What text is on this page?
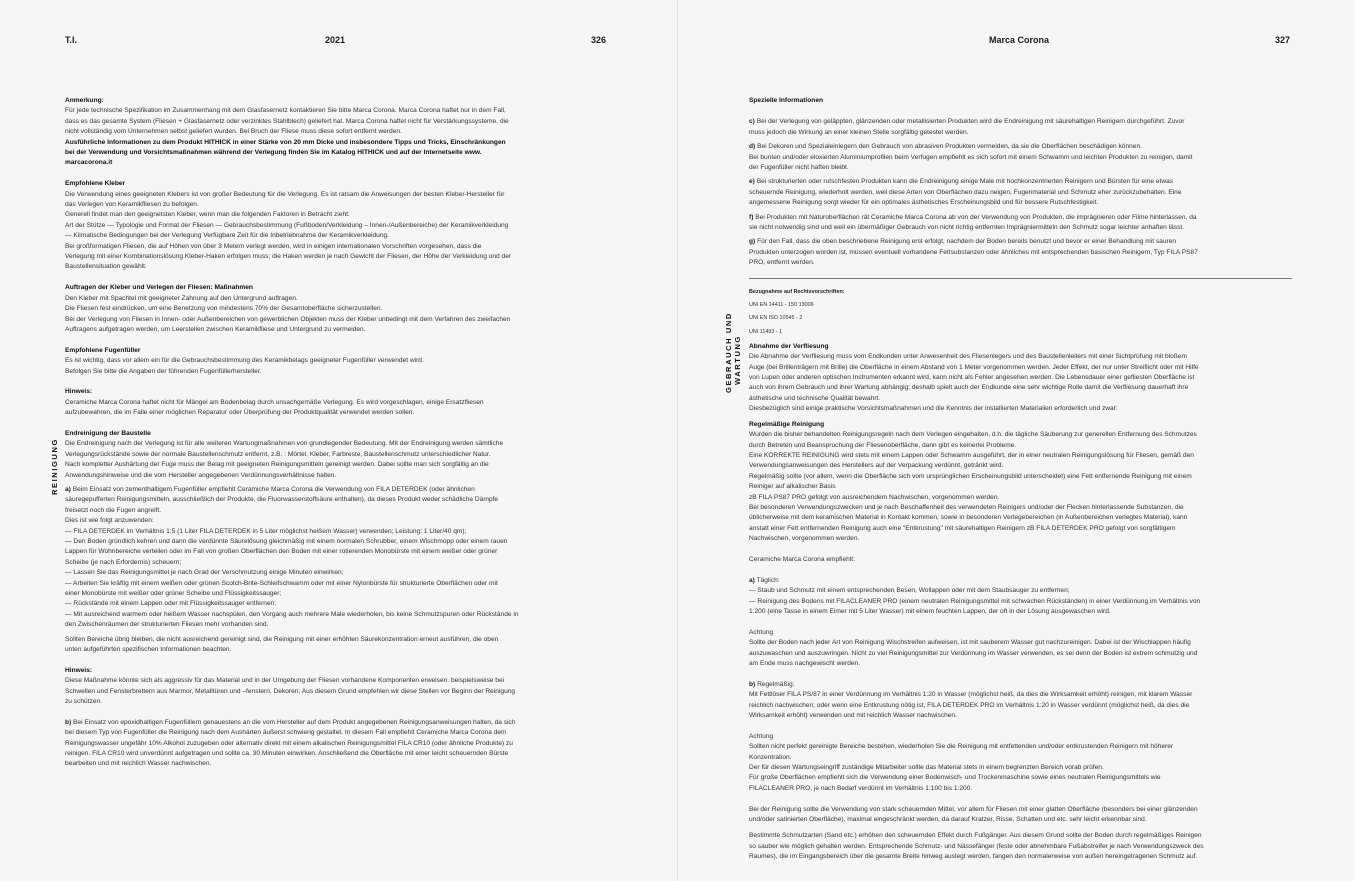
T.I.	2021	326
REINIGUNG

Anmerkung:

Für jede technische Spezifikation im Zusammenhang mit dem Glasfasernetz kontaktieren Sie bitte Marca Corona. Marca Corona haftet nur in dem Fall,

dass es das gesamte System (Fliesen + Glasfasernetz oder verzinktes Stahlblech) geliefert hat. Marca Corona haftet nicht für Verstärkungssysteme, die

nicht vollständig vom Unternehmen selbst geliefert wurden. Bei Bruch der Fliese muss diese sofort entfernt werden.

Ausführliche Informationen zu dem Produkt HITHICK in einer Stärke von 20 mm Dicke und insbesondere Tipps und Tricks, Einschränkungen

bei der Verwendung und Vorsichtsmaßnahmen während der Verlegung finden Sie im Katalog HITHICK und auf der Internetseite www.

marcacorona.it

Empfohlene Kleber

Die Verwendung eines geeigneten Klebers ist von großer Bedeutung für die Verlegung. Es ist ratsam die Anweisungen der besten Kleber-Hersteller für

das Verlegen von Keramikfliesen zu befolgen.

Generell findet man den geeignetsten Kleber, wenn man die folgenden Faktoren in Betracht zieht:

Art der Stütze — Typologie und Format der Fliesen — Gebrauchsbestimmung (Fußboden/Verkleidung – Innen-/Außenbereiche) der Keramikverkleidung

— Klimatische Bedingungen bei der Verlegung Verfügbare Zeit für die Inbetriebnahme der Keramikverkleidung.

Bei großformatigen Fliesen, die auf Höhen von über 3 Metern verlegt werden, wird in einigen internationalen Vorschriften vorgesehen, dass die

Verlegung mit einer Kombinationslösung Kleber-Haken erfolgen muss; die Haken werden je nach Gewicht der Fliesen, der Höhe der Verkleidung und der

Baustellensituation gewählt.

Auftragen der Kleber und Verlegen der Fliesen: Maßnahmen

Den Kleber mit Spachtel mit geeigneter Zahnung auf den Untergrund auftragen.

Die Fliesen fest eindrücken, um eine Benetzung von mindestens 70% der Gesamtoberfläche sicherzustellen.

Bei der Verlegung von Fliesen in Innen- oder Außenbereichen von gewerblichen Objekten muss der Kleber unbedingt mit dem Verfahren des zweifachen

Auftragens aufgetragen werden, um Leerstellen zwischen Keramikfliese und Untergrund zu vermeiden.

Empfohlene Fugenfüller

Es ist wichtig, dass vor allem ein für die Gebrauchsbestimmung des Keramikbelags geeigneter Fugenfüller verwendet wird.

Befolgen Sie bitte die Angaben der führenden Fugenfüllerhersteller.

Hinweis:

Ceramiche Marca Corona haftet nicht für Mängel am Bodenbelag durch unsachgemäße Verlegung. Es wird vorgeschlagen, einige Ersatzfliesen

aufzubewahren, die im Falle einer möglichen Reparatur oder Überprüfung der Produktqualität verwendet werden sollen.

Endreinigung der Baustelle

Die Endreinigung nach der Verlegung ist für alle weiteren Wartungmaßnahmen von grundlegender Bedeutung. Mit der Endreinigung werden sämtliche

Verlegungsrückstände sowie der normale Baustellenschmutz entfernt, z.B. : Mörtel, Kleber, Farbreste, Baustellenschmutz unterschiedlicher Natur.

Nach kompletter Aushärtung der Fuge muss der Belag mit geeigneten Reinigungsmitteln gereinigt werden. Dabei sollte man sich sorgfältig an die

Anwendungshinweise und die vom Hersteller angegebenen Verdünnungsverhältnisse halten.

a) Beim Einsatz von zementhaltigem Fugenfüller empfiehlt Ceramiche Marca Corona die Verwendung von FILA DETERDEK (oder ähnlichen

säuregepufferten Reinigungsmitteln, ausschließlich der Produkte, die Fluorwasserstoffsäure enthalten), da dieses Produkt weder schädliche Dämpfe

freisetzt noch die Fugen angreift.

Dies ist wie folgt anzuwenden:

— FILA DETERDEK im Verhältnis 1:5 (1 Liter FILA DETERDEK in 5 Liter möglichst heißem Wasser) verwenden; Leistung: 1 Liter/40 qm);

— Den Boden gründlich kehren und dann die verdünnte Säurelösung gleichmäßig mit einem normalen Schrubber, einem Wischmopp oder einem rauen

Lappen für Wohnbereiche verteilen oder im Fall von großen Oberflächen den Boden mit einer rotierenden Monobürste mit einem weißer oder grüner

Scheibe (je nach Erfordernis) scheuern;

— Lassen Sie das Reinigungsmittel je nach Grad der Verschmutzung einige Minuten einwirken;

— Arbeiten Sie kräftig mit einem weißen oder grünen Scotch-Brite-Schleifschwamm oder mit einer Nylonbürste für strukturierte Oberflächen oder mit

einer Monobürste mit weißer oder grüner Scheibe und Flüssigkeitssauger;

— Rückstände mit einem Lappen oder mit Flüssigkeitssauger entfernen;

— Mit ausreichend warmem oder heißem Wasser nachspülen, den Vorgang auch mehrere Male wiederholen, bis keine Schmutzspuren oder Rückstände in

den Zwischenräumen der strukturierten Fliesen mehr vorhanden sind.

Sollten Bereiche übrig bleiben, die nicht ausreichend gereinigt sind, die Reinigung mit einer erhöhten Säurekonzentration erneut ausführen, die oben

unten aufgeführten spezifischen Informationen beachten.

Hinweis:

Diese Maßnahme könnte sich als aggressiv für das Material und in der Umgebung der Fliesen vorhandene Komponenten erweisen. beispielsweise bei

Schwellen und Fensterbrettern aus Marmor, Metalltüren und –fenstern, Dekoren; Aus diesem Grund empfehlen wir diese Stellen vor Beginn der Reinigung

zu schützen.

b) Bei Einsatz von epoxidhaltigen Fugenfüllern genauestens an die vom Hersteller auf dem Produkt angegebenen Reinigungsanweisungen halten, da sich

bei diesem Typ von Fugenfüller die Reinigung nach dem Aushärten äußerst schwierig gestaltet. In diesem Fall empfiehlt Ceramiche Marca Corona dem

Reinigungswasser ungefähr 10% Alkohol zuzugeben oder alternativ direkt mit einem alkalischen Reinigungsmittel FILA CR10 (oder ähnliche Produkte) zu

reinigen. FILA CR10 wird unverdünnt aufgetragen und sollte ca. 30 Minuten einwirken. Anschließend die Oberfläche mit einer leicht scheuernden Bürste

bearbeiten und mit reichlich Wasser nachwischen.

Marca Corona	327

Spezielle Informationen

c) Bei der Verlegung von geläppten, glänzenden oder metallisierten Produkten wird die Endreinigung mit säurehaltigen Reinigern durchgeführt. Zuvor

muss jedoch die Wirkung an einer kleinen Stelle sorgfältig getestet werden.

d) Bei Dekoren und Spezialeinlegern den Gebrauch von abrasiven Produkten vermeiden, da sie die Oberflächen beschädigen können.

Bei bunten und/oder eloxierten Aluminiumprofilen beim Verfugen empfiehlt es sich sofort mit einem Schwamm und leichten Produkten zu reinigen, damit

der Fugenfüller nicht haften bleibt.

e) Bei strukturierten oder rutschfesten Produkten kann die Endreinigung einige Male mit hochkonzentrierten Reinigern und Bürsten für eine etwas

scheuernde Reinigung, wiederholt werden, weil diese Arten von Oberflächen dazu neigen, Fugenmaterial und Schmutz eher zurückzubehalten. Eine

angemessene Reinigung sorgt wieder für ein optimales ästhetisches Erscheinungsbild und für bessere Rutschfestigkeit.

f) Bei Produkten mit Naturoberflächen rät Ceramiche Marca Corona ab von der Verwendung von Produkten, die imprägnieren oder Filme hinterlassen, da

sie nicht notwendig sind und weil ein übermäßiger Gebrauch von nicht richtig entfernten Imprägniermitteln den Schmutz sogar leichter anhaften lässt.

g) Für den Fall, dass die oben beschriebene Reinigung erst erfolgt, nachdem der Boden bereits benutzt und bevor er einer Behandlung mit sauren

Produkten unterzogen worden ist, müssen eventuell vorhandene Fettsubstanzen oder ähnliches mit entsprechenden basischen Reinigern, Typ FILA PS87

PRO, entfernt werden.

Bezugnahme auf Rechtsvorschriften:

UNI EN 14411 - 150 13006

UNI EN ISO 10545 - 2

UNI 11493 - 1

Abnahme der Verfliesung

Die Abnahme der Verfliesung muss vom Endkunden unter Anwesenheit des Fliesenlegers und des Baustellenleiters mit einer Sichtprüfung mit bloßem

Auge (bei Brillenträgern mit Brille) die Oberfläche in einem Abstand von 1 Meter vorgenommen werden. Jeder Effekt, der nur unter Streiflicht oder mit Hilfe

von Lupen oder anderen optischen Instrumenten erkannt wird, kann nicht als Fehler angesehen werden. Die Lebensdauer einer gefliesten Oberfläche ist

auch von ihrem Gebrauch und ihrer Wartung abhängig; deshalb spielt auch der Endkunde eine sehr wichtige Rolle damit die Verfliesung dauerhaft ihre

ästhetische und technische Qualität bewahrt.

Diesbezüglich sind einige praktische Vorsichtsmaßnahmen und die Kenntnis der installierten Materialien erforderlich und zwar:

Regelmäßige Reinigung

Wurden die bisher behandelten Reinigungsregeln nach dem Verlegen eingehalten, d.h. die tägliche Säuberung zur generellen Entfernung des Schmutzes

durch Betreten und Beanspruchung der Fliesenoberfläche, dann gibt es keinerlei Probleme.

Eine KORREKTE REINIGUNG wird stets mit einem Lappen oder Schwamm ausgeführt, der in einer neutralen Reinigungslösung für Fliesen, gemäß den

Verwendungsanweisungen des Herstellers auf der Verpackung verdünnt, getränkt wird.

Regelmäßig sollte (vor allem, wenn die Oberfläche sich vom ursprünglichen Erscheinungsbild unterscheidet) eine Fett entfernende Reinigung mit einem

Reiniger auf alkalischer Basis

zB FILA PS87 PRO gefolgt von ausreichendem Nachwischen, vorgenommen werden.

Bei besonderen Verwendungszwecken und je nach Beschaffenheit des verwendeten Reinigers und/oder der Flecken hinterlassende Substanzen, die

üblicherweise mit dem keramischen Material in Kontakt kommen, sowie in besonderen Verlegebereichen (in Außenbereichen verlegtes Material), kann

anstatt einer Fett entfernenden Reinigung auch eine "Entkrustung" mit säurehaltigen Reinigern zB FILA DETERDEK PRO gefolgt von sorgfältigem

Nachwischen, vorgenommen werden.

Ceramiche Marca Corona empfiehlt:

a) Täglich:

— Staub und Schmutz mit einem entsprechenden Besen, Wollappen oder mit dem Staubsauger zu entfernen;

— Reinigung des Bodens mit FILACLEANER PRO (einem neutralen Reinigungsmittel mit schwachen Rückständen) in einer Verdünnung im Verhältnis von

1:200 (eine Tasse in einem Eimer mit 5 Liter Wasser) mit einem feuchten Lappen, der oft in der Lösung ausgewaschen wird.

Achtung

Sollte der Boden nach jeder Art von Reinigung Wischstreifen aufweisen, ist mit sauberem Wasser gut nachzureinigen. Dabei ist der Wischlappen häufig

auszuwaschen und auszuwringen. Nicht zu viel Reinigungsmittel zur Verdünnung im Wasser verwenden, es sei denn der Boden ist extrem schmutzig und

am Ende muss nachgewischt werden.

b) Regelmäßig:

Mit Fettlöser FILA PS/87 in einer Verdünnung im Verhältnis 1:20 in Wasser (möglichst heiß, da dies die Wirksamkeit erhöht) reinigen, mit klarem Wasser

reichlich nachwischen; oder wenn eine Entkrustung nötig ist, FILA DETERDEK PRO im Verhältnis 1:20 in Wasser verdünnt (möglichst heiß, da dies die

Wirksamkeit erhöht) verwenden und mit reichlich Wasser nachwischen.

Achtung

Sollten nicht perfekt gereinigte Bereiche bestehen, wiederholen Sie die Reinigung mit entfettenden und/oder entkrustenden Reinigern mit höherer

Konzentration.

Der für diesen Wartungseingriff zuständige Mitarbeiter sollte das Material stets in einem begrenzten Bereich vorab prüfen.

Für große Oberflächen empfiehlt sich die Verwendung einer Bodenwisch- und Trockenmaschine sowie eines neutralen Reinigungsmittels wie

FILACLEANER PRO, je nach Bedarf verdünnt im Verhältnis 1:100 bis 1:200.

Bei der Reinigung sollte die Verwendung von stark scheuernden Mittel, vor allem für Fliesen mit einer glatten Oberfläche (besonders bei einer glänzenden

und/oder satinierten Oberfläche), maximal eingeschränkt werden, da darauf Kratzer, Risse, Schatten und etc. sehr leicht erkennbar sind.

Bestimmte Schmutzarten (Sand etc.) erhöhen den scheuernden Effekt durch Fußgänger. Aus diesem Grund sollte der Boden durch regelmäßiges Reinigen

so sauber wie möglich gehalten werden. Entsprechende Schmutz- und Nässefänger (feste oder abnehmbare Fußabstreifer je nach Verwendungszweck des

Raumes), die im Eingangsbereich über die gesamte Breite hinweg auslegt werden, fangen den normalerweise von außen hereingetragenen Schmutz auf.

GEBRAUCH UND WARTUNG
